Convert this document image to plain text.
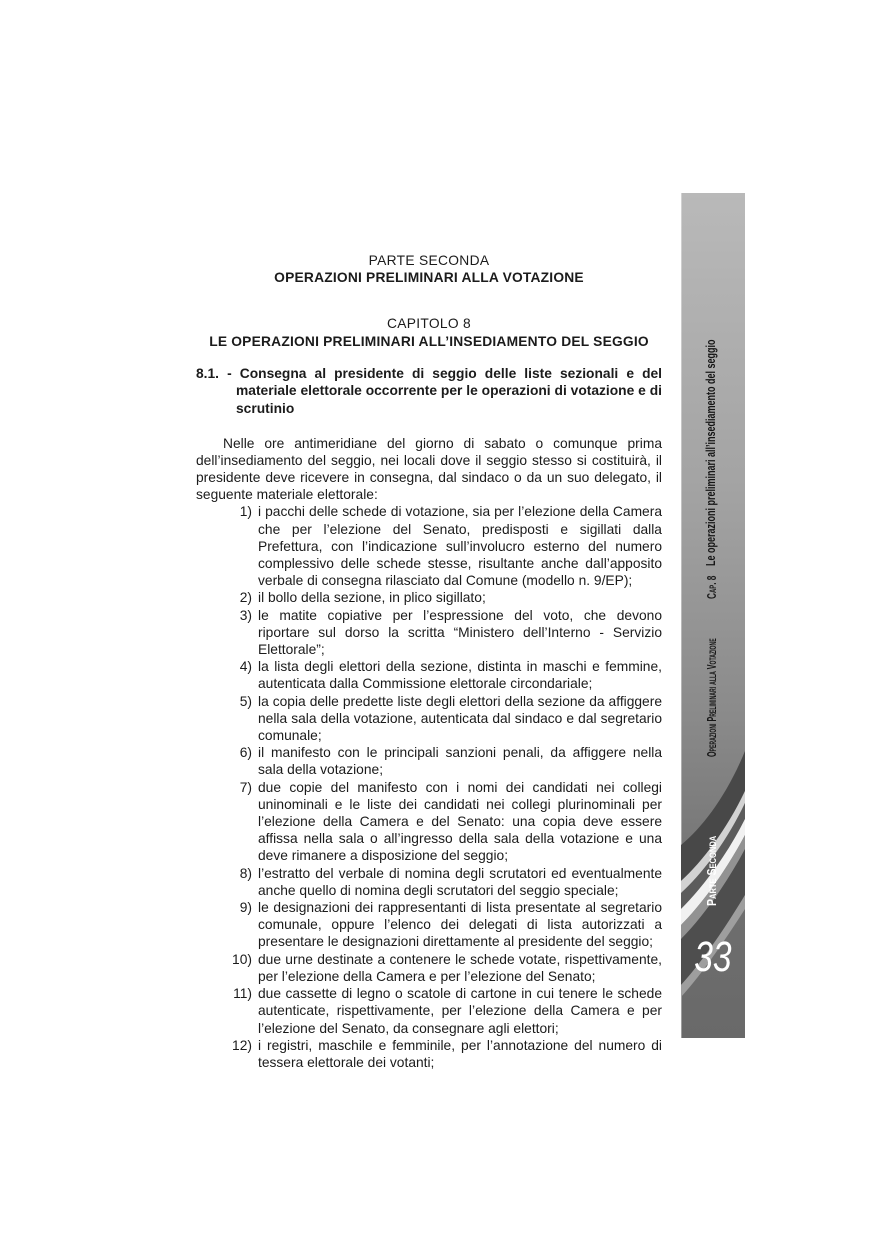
PARTE SECONDA
OPERAZIONI PRELIMINARI ALLA VOTAZIONE
CAPITOLO 8
LE OPERAZIONI PRELIMINARI ALL’INSEDIAMENTO DEL SEGGIO
8.1. - Consegna al presidente di seggio delle liste sezionali e del materiale elettorale occorrente per le operazioni di votazione e di scrutinio

Nelle ore antimeridiane del giorno di sabato o comunque prima dell’insediamento del seggio, nei locali dove il seggio stesso si costituirà, il presidente deve ricevere in consegna, dal sindaco o da un suo delegato, il seguente materiale elettorale:

1) i pacchi delle schede di votazione, sia per l’elezione della Camera che per l’elezione del Senato, predisposti e sigillati dalla Prefettura, con l’indicazione sull’involucro esterno del numero complessivo delle schede stesse, risultante anche dall’apposito verbale di consegna rilasciato dal Comune (modello n. 9/EP);
2) il bollo della sezione, in plico sigillato;
3) le matite copiative per l’espressione del voto, che devono riportare sul dorso la scritta “Ministero dell’Interno - Servizio Elettorale”;
4) la lista degli elettori della sezione, distinta in maschi e femmine, autenticata dalla Commissione elettorale circondariale;
5) la copia delle predette liste degli elettori della sezione da affiggere nella sala della votazione, autenticata dal sindaco e dal segretario comunale;
6) il manifesto con le principali sanzioni penali, da affiggere nella sala della votazione;
7) due copie del manifesto con i nomi dei candidati nei collegi uninominali e le liste dei candidati nei collegi plurinominali per l’elezione della Camera e del Senato: una copia deve essere affissa nella sala o all’ingresso della sala della votazione e una deve rimanere a disposizione del seggio;
8) l’estratto del verbale di nomina degli scrutatori ed eventualmente anche quello di nomina degli scrutatori del seggio speciale;
9) le designazioni dei rappresentanti di lista presentate al segretario comunale, oppure l’elenco dei delegati di lista autorizzati a presentare le designazioni direttamente al presidente del seggio;
10) due urne destinate a contenere le schede votate, rispettivamente, per l’elezione della Camera e per l’elezione del Senato;
11) due cassette di legno o scatole di cartone in cui tenere le schede autenticate, rispettivamente, per l’elezione della Camera e per l’elezione del Senato, da consegnare agli elettori;
12) i registri, maschile e femminile, per l’annotazione del numero di tessera elettorale dei votanti;
Le operazioni preliminari all’insediamento del seggio
Cap. 8
Operazioni Preliminari alla Votazione
Parte Seconda
33
